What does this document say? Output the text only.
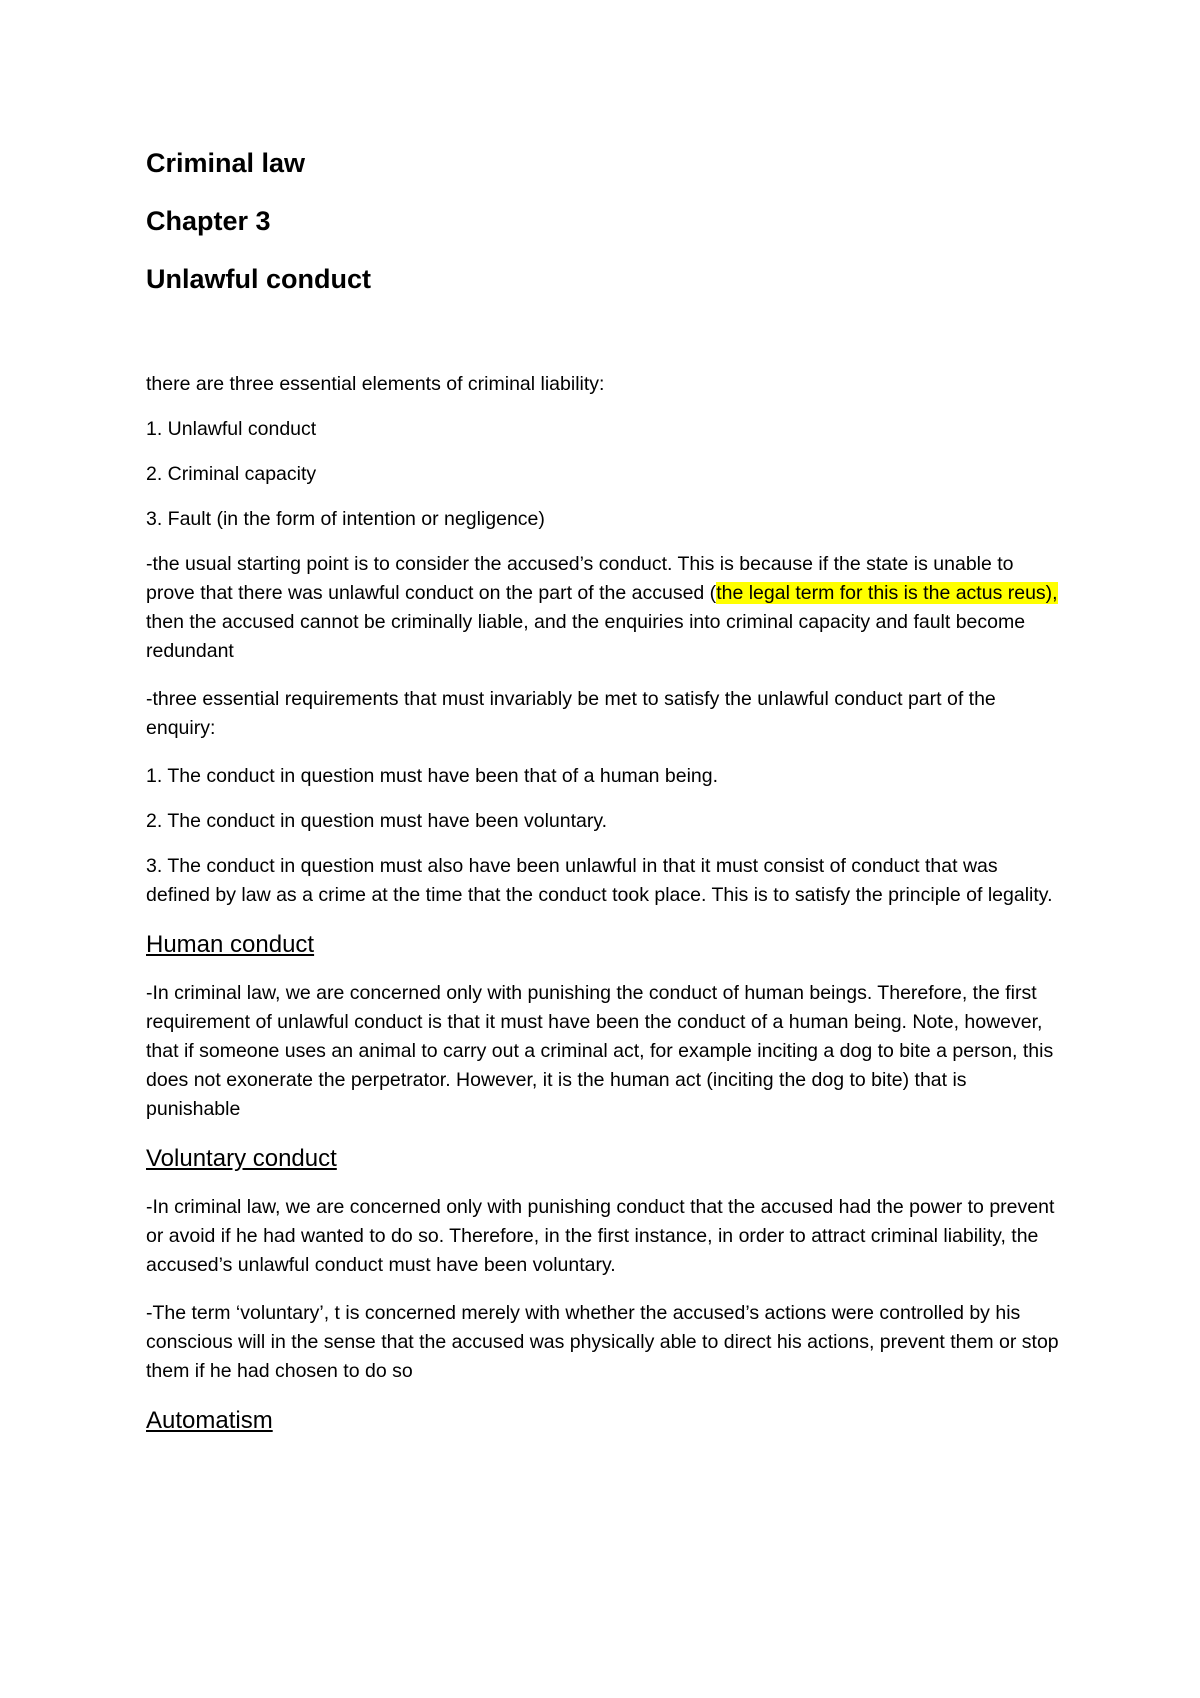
Criminal law
Chapter 3
Unlawful conduct
there are three essential elements of criminal liability:
1. Unlawful conduct
2. Criminal capacity
3. Fault (in the form of intention or negligence)
-the usual starting point is to consider the accused’s conduct. This is because if the state is unable to prove that there was unlawful conduct on the part of the accused (the legal term for this is the actus reus), then the accused cannot be criminally liable, and the enquiries into criminal capacity and fault become redundant
-three essential requirements that must invariably be met to satisfy the unlawful conduct part of the enquiry:
1. The conduct in question must have been that of a human being.
2. The conduct in question must have been voluntary.
3. The conduct in question must also have been unlawful in that it must consist of conduct that was defined by law as a crime at the time that the conduct took place. This is to satisfy the principle of legality.
Human conduct
-In criminal law, we are concerned only with punishing the conduct of human beings. Therefore, the first requirement of unlawful conduct is that it must have been the conduct of a human being. Note, however, that if someone uses an animal to carry out a criminal act, for example inciting a dog to bite a person, this does not exonerate the perpetrator. However, it is the human act (inciting the dog to bite) that is punishable
Voluntary conduct
-In criminal law, we are concerned only with punishing conduct that the accused had the power to prevent or avoid if he had wanted to do so. Therefore, in the first instance, in order to attract criminal liability, the accused’s unlawful conduct must have been voluntary.
-The term ‘voluntary’, t is concerned merely with whether the accused’s actions were controlled by his conscious will in the sense that the accused was physically able to direct his actions, prevent them or stop them if he had chosen to do so
Automatism
